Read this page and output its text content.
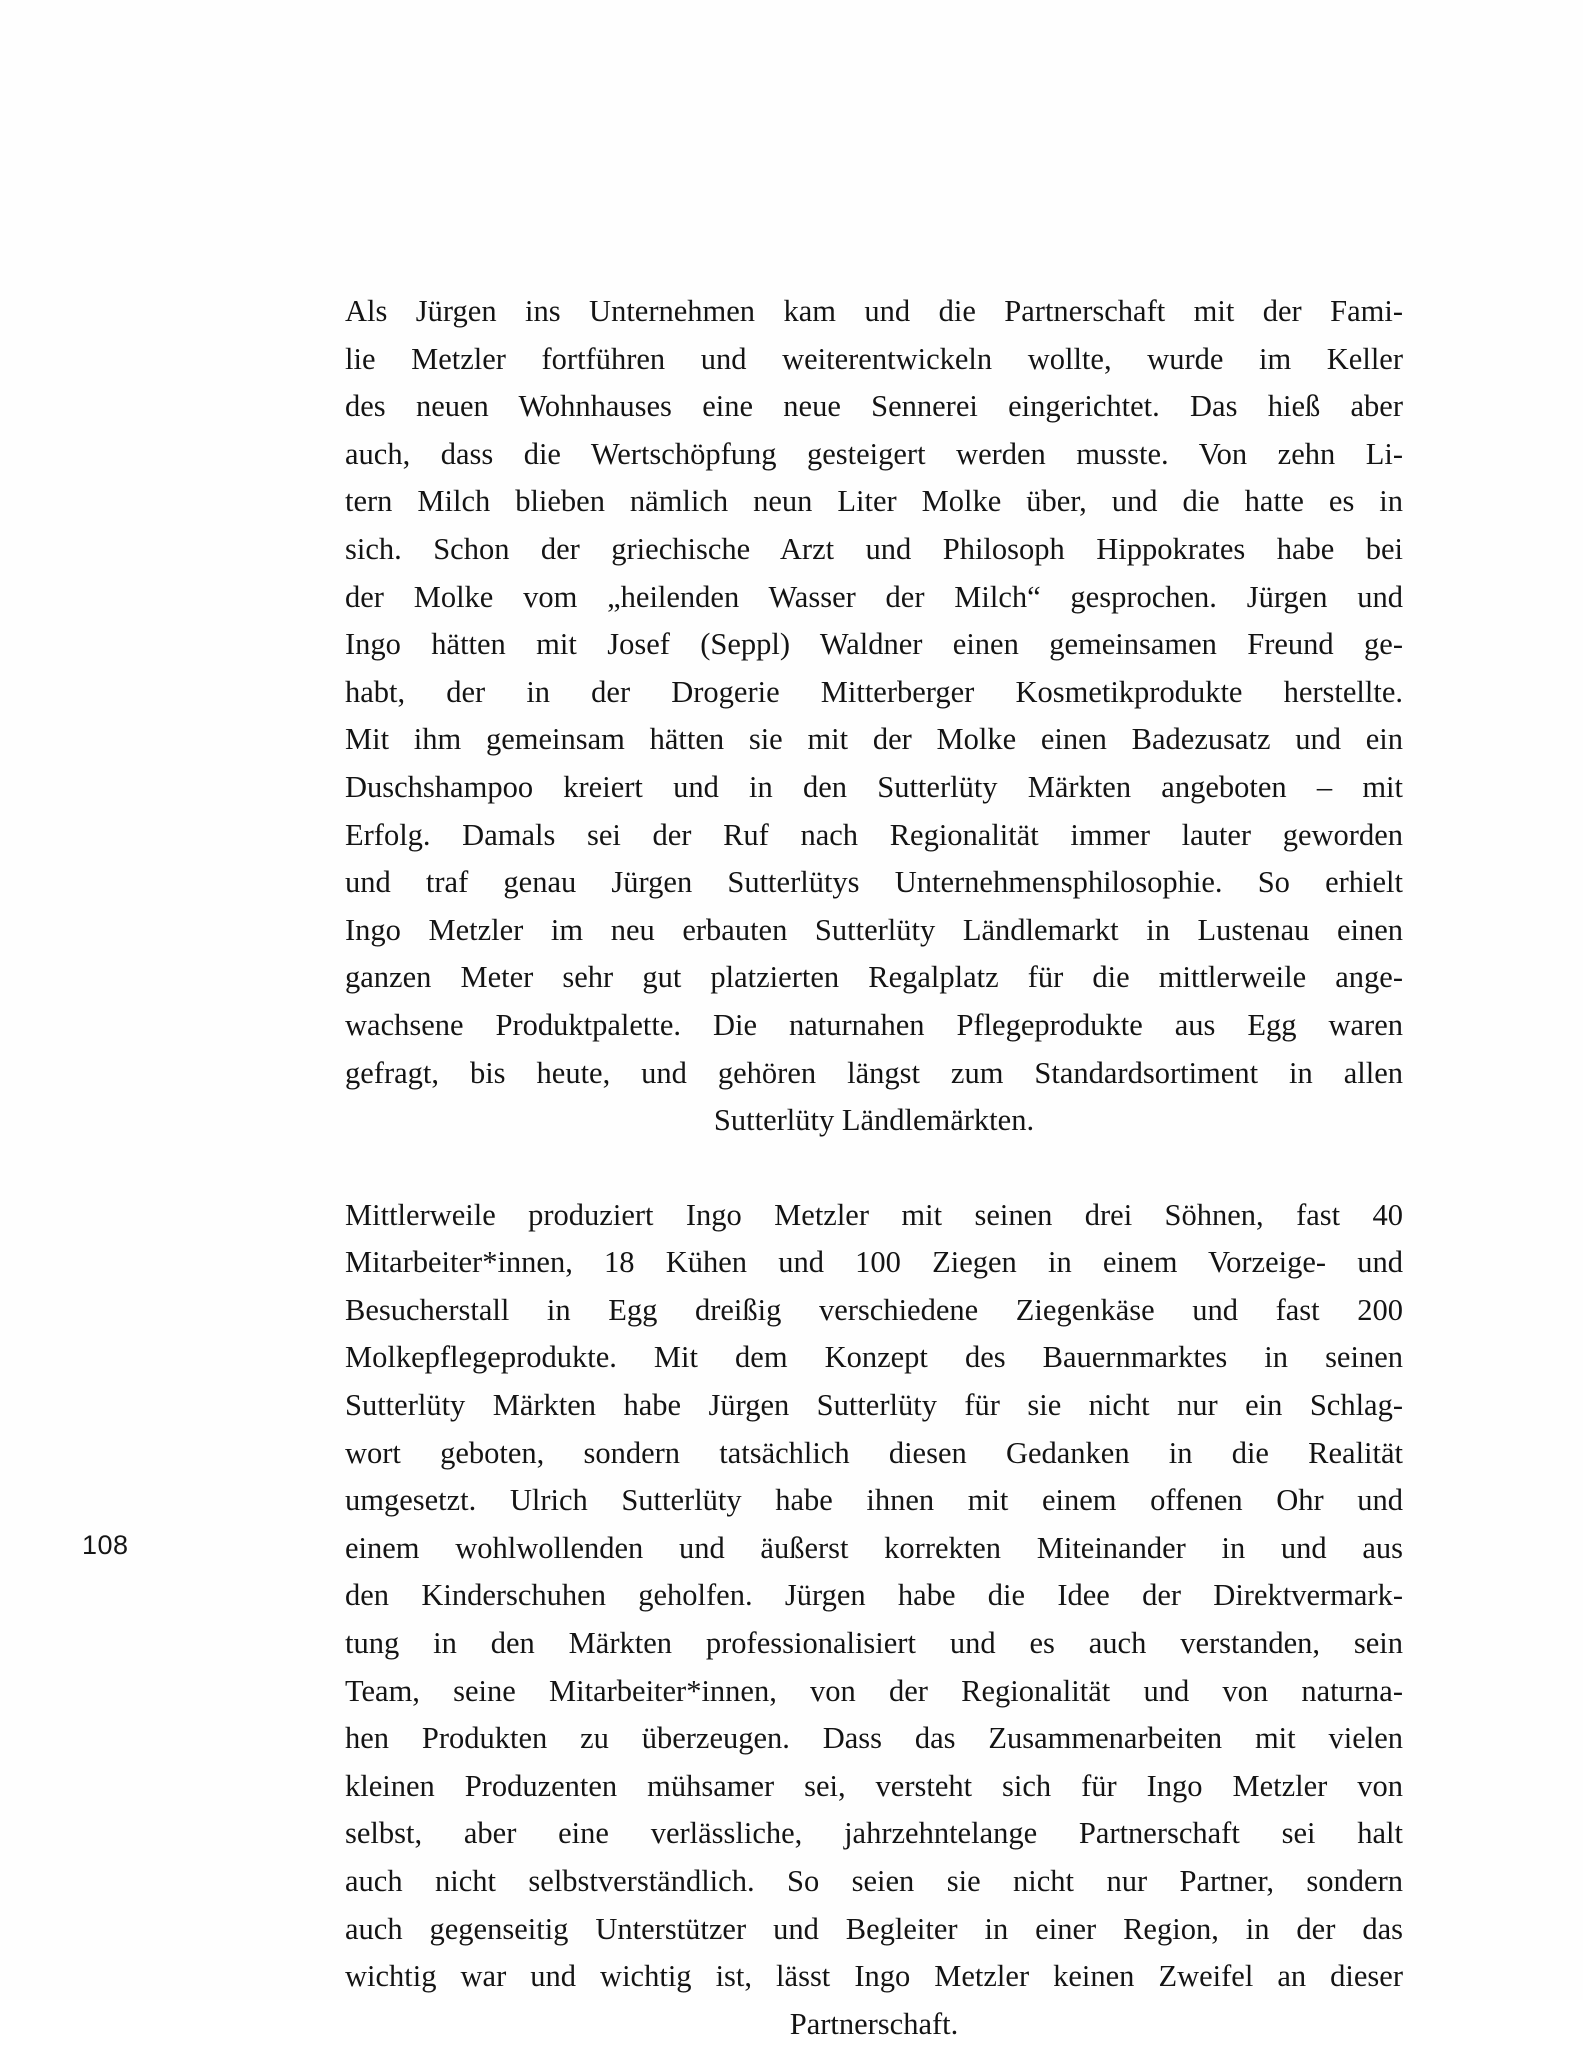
108

Als Jürgen ins Unternehmen kam und die Partnerschaft mit der Fami-
lie Metzler fortführen und weiterentwickeln wollte, wurde im Keller
des neuen Wohnhauses eine neue Sennerei eingerichtet. Das hieß aber
auch, dass die Wertschöpfung gesteigert werden musste. Von zehn Li-
tern Milch blieben nämlich neun Liter Molke über, und die hatte es in
sich. Schon der griechische Arzt und Philosoph Hippokrates habe bei
der Molke vom „heilenden Wasser der Milch“ gesprochen. Jürgen und
Ingo hätten mit Josef (Seppl) Waldner einen gemeinsamen Freund ge-
habt, der in der Drogerie Mitterberger Kosmetikprodukte herstellte.
Mit ihm gemeinsam hätten sie mit der Molke einen Badezusatz und ein
Duschshampoo kreiert und in den Sutterlüty Märkten angeboten – mit
Erfolg. Damals sei der Ruf nach Regionalität immer lauter geworden
und traf genau Jürgen Sutterlütys Unternehmensphilosophie. So erhielt
Ingo Metzler im neu erbauten Sutterlüty Ländlemarkt in Lustenau einen
ganzen Meter sehr gut platzierten Regalplatz für die mittlerweile ange-
wachsene Produktpalette. Die naturnahen Pflegeprodukte aus Egg waren
gefragt, bis heute, und gehören längst zum Standardsortiment in allen
Sutterlüty Ländlemärkten.

Mittlerweile produziert Ingo Metzler mit seinen drei Söhnen, fast 40
Mitarbeiter*innen, 18 Kühen und 100 Ziegen in einem Vorzeige- und
Besucherstall in Egg dreißig verschiedene Ziegenkäse und fast 200
Molkepflegeprodukte. Mit dem Konzept des Bauernmarktes in seinen
Sutterlüty Märkten habe Jürgen Sutterlüty für sie nicht nur ein Schlag-
wort geboten, sondern tatsächlich diesen Gedanken in die Realität
umgesetzt. Ulrich Sutterlüty habe ihnen mit einem offenen Ohr und
einem wohlwollenden und äußerst korrekten Miteinander in und aus
den Kinderschuhen geholfen. Jürgen habe die Idee der Direktvermark-
tung in den Märkten professionalisiert und es auch verstanden, sein
Team, seine Mitarbeiter*innen, von der Regionalität und von naturna-
hen Produkten zu überzeugen. Dass das Zusammenarbeiten mit vielen
kleinen Produzenten mühsamer sei, versteht sich für Ingo Metzler von
selbst, aber eine verlässliche, jahrzehntelange Partnerschaft sei halt
auch nicht selbstverständlich. So seien sie nicht nur Partner, sondern
auch gegenseitig Unterstützer und Begleiter in einer Region, in der das
wichtig war und wichtig ist, lässt Ingo Metzler keinen Zweifel an dieser
Partnerschaft.
